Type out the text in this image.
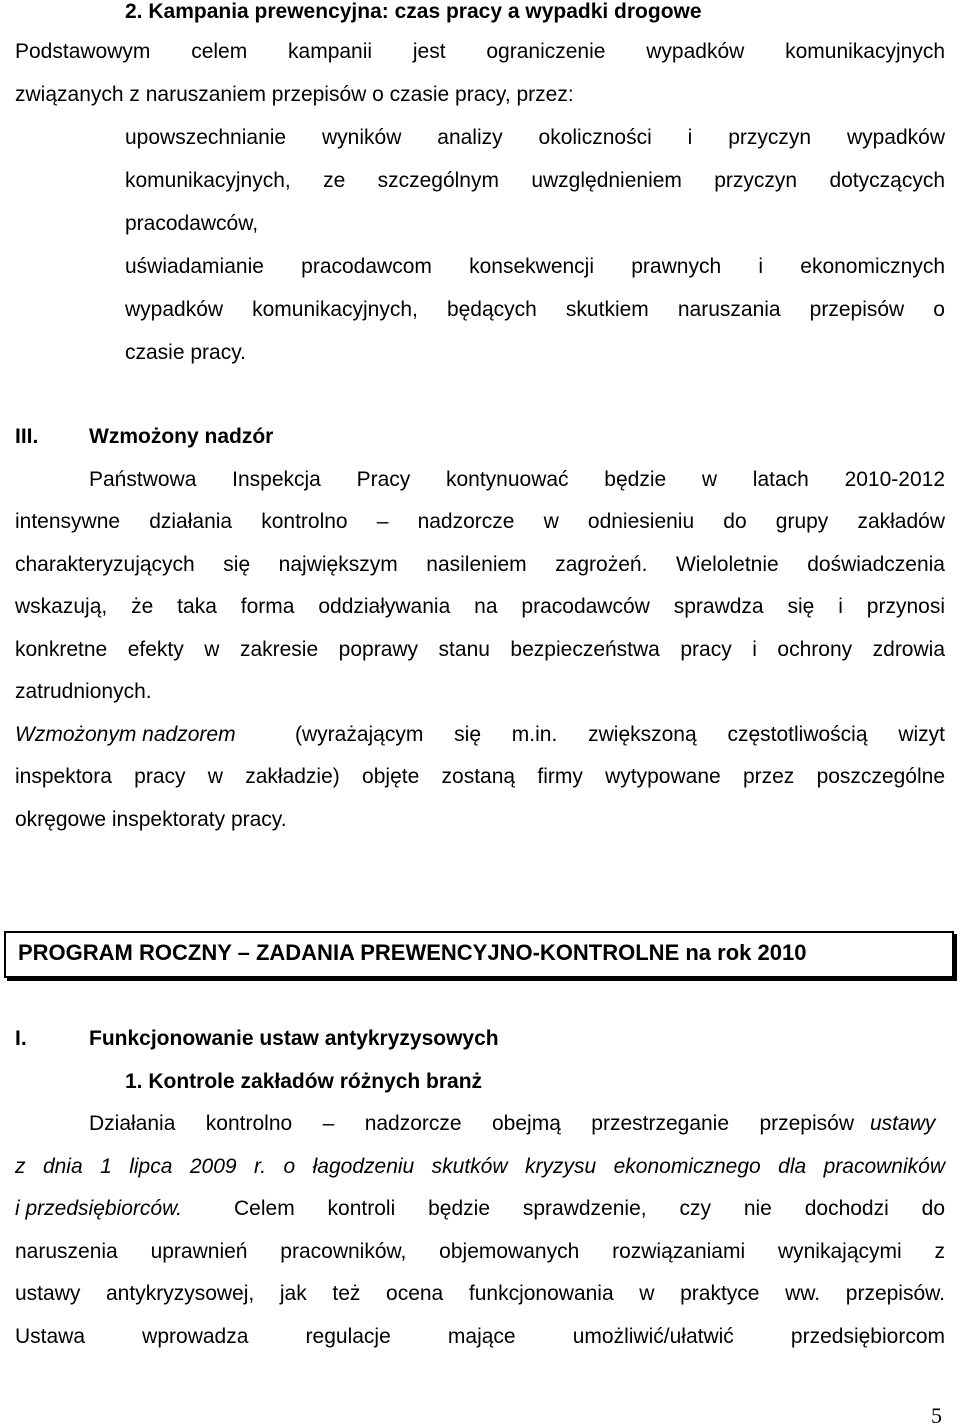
2. Kampania prewencyjna: czas pracy a wypadki drogowe
Podstawowym celem kampanii jest ograniczenie wypadków komunikacyjnych
związanych z naruszaniem przepisów o czasie pracy, przez:
upowszechnianie wyników analizy okoliczności i przyczyn wypadków
komunikacyjnych, ze szczególnym uwzględnieniem przyczyn dotyczących
pracodawców,
uświadamianie pracodawcom konsekwencji prawnych i ekonomicznych
wypadków komunikacyjnych, będących skutkiem naruszania przepisów o
czasie pracy.
III. Wzmożony nadzór
Państwowa Inspekcja Pracy kontynuować będzie w latach 2010-2012
intensywne działania kontrolno – nadzorcze w odniesieniu do grupy zakładów
charakteryzujących się największym nasileniem zagrożeń. Wieloletnie doświadczenia
wskazują, że taka forma oddziaływania na pracodawców sprawdza się i przynosi
konkretne efekty w zakresie poprawy stanu bezpieczeństwa pracy i ochrony zdrowia
zatrudnionych.
Wzmożonym nadzorem	(wyrażającym się m.in. zwiększoną częstotliwością wizyt
inspektora pracy w zakładzie) objęte zostaną firmy wytypowane przez poszczególne
okręgowe inspektoraty pracy.
PROGRAM ROCZNY – ZADANIA PREWENCYJNO-KONTROLNE na rok 2010
I.	Funkcjonowanie ustaw antykryzysowych
1. Kontrole zakładów różnych branż
Działania kontrolno – nadzorcze obejmą przestrzeganie przepisów ustawy
z dnia 1 lipca 2009 r. o łagodzeniu skutków kryzysu ekonomicznego dla pracowników
i przedsiębiorców. Celem kontroli będzie sprawdzenie, czy nie dochodzi do
naruszenia uprawnień pracowników, objemowanych rozwiązaniami wynikającymi z
ustawy antykryzysowej, jak też ocena funkcjonowania w praktyce ww. przepisów.
Ustawa wprowadza regulacje mające umożliwić/ułatwić przedsiębiorcom
5
